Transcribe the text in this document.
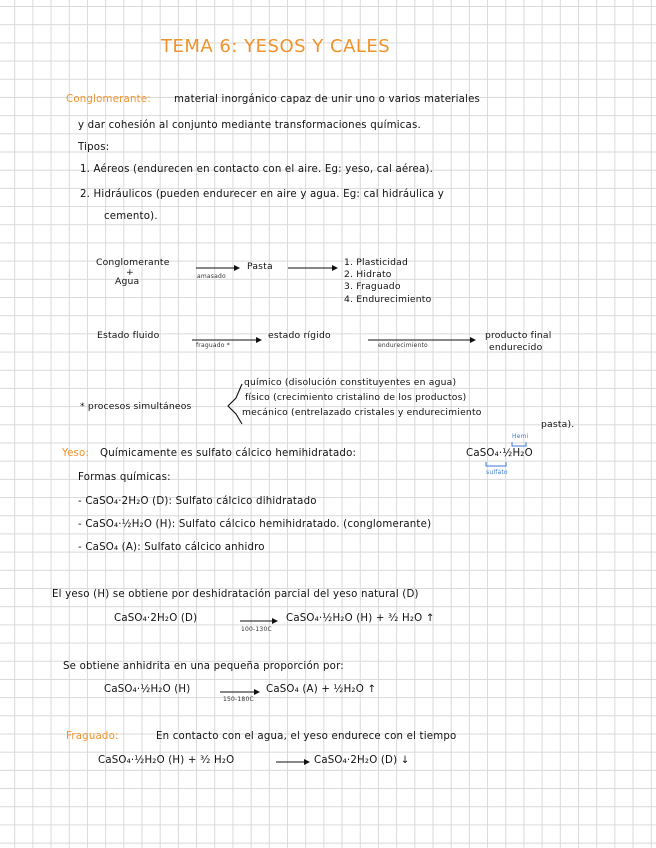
TEMA 6: YESOS Y CALES
Conglomerante: material inorgánico capaz de unir uno o varios materiales
y dar cohesión al conjunto mediante transformaciones químicas.
Tipos:
1. Aéreos (endurecen en contacto con el aire. Eg: yeso, cal aérea).
2. Hidráulicos (pueden endurecer en aire y agua. Eg: cal hidráulica y
cemento).
Conglomerante
+
Agua	amasado
Pasta	1. Plasticidad
2. Hidrato
3. Fraguado
4. Endurecimiento
Estado fluido
fraguado *
estado rígido
endurecimiento
producto final
endurecido
* procesos simultáneos
químico (disolución constituyentes en agua)
físico (crecimiento cristalino de los productos)
mecánico (entrelazado cristales y endurecimiento
pasta).
Yeso: Químicamente es sulfato cálcico hemihidratado:	CaSO₄·½H₂O
Hemi
sulfato
Formas químicas:
- CaSO₄·2H₂O (D): Sulfato cálcico dihidratado
- CaSO₄·½H₂O (H): Sulfato cálcico hemihidratado. (conglomerante)
- CaSO₄ (A): Sulfato cálcico anhidro
El yeso (H) se obtiene por deshidratación parcial del yeso natural (D)
CaSO₄·2H₂O (D)
100-130C
CaSO₄·½H₂O (H) + ³⁄₂ H₂O ↑
Se obtiene anhidrita en una pequeña proporción por:
CaSO₄·½H₂O (H)
150-180C
CaSO₄ (A) + ½H₂O ↑
Fraguado:	En contacto con el agua, el yeso endurece con el tiempo
CaSO₄·½H₂O (H) + ³⁄₂ H₂O	CaSO₄·2H₂O (D) ↓
